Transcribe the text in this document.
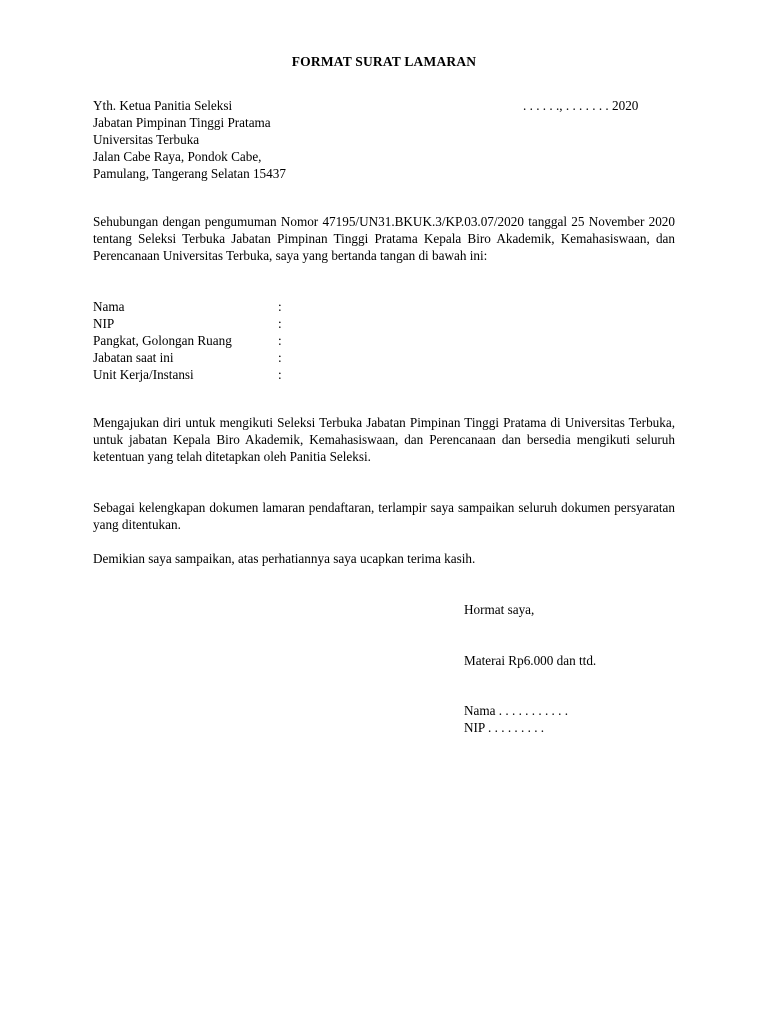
FORMAT SURAT LAMARAN
Yth. Ketua Panitia Seleksi
Jabatan Pimpinan Tinggi Pratama
Universitas Terbuka
Jalan Cabe Raya, Pondok Cabe,
Pamulang, Tangerang Selatan 15437
. . . . . ., . . . . . . . 2020
Sehubungan dengan pengumuman Nomor 47195/UN31.BKUK.3/KP.03.07/2020 tanggal 25 November 2020 tentang Seleksi Terbuka Jabatan Pimpinan Tinggi Pratama Kepala Biro Akademik, Kemahasiswaan, dan Perencanaan Universitas Terbuka, saya yang bertanda tangan di bawah ini:
Nama	:
NIP	:
Pangkat, Golongan Ruang	:
Jabatan saat ini	:
Unit Kerja/Instansi	:
Mengajukan diri untuk mengikuti Seleksi Terbuka Jabatan Pimpinan Tinggi Pratama di Universitas Terbuka, untuk jabatan Kepala Biro Akademik, Kemahasiswaan, dan Perencanaan dan bersedia mengikuti seluruh ketentuan yang telah ditetapkan oleh Panitia Seleksi.
Sebagai kelengkapan dokumen lamaran pendaftaran, terlampir saya sampaikan seluruh dokumen persyaratan yang ditentukan.
Demikian saya sampaikan, atas perhatiannya saya ucapkan terima kasih.
Hormat saya,
Materai Rp6.000 dan ttd.
Nama . . . . . . . . . . .
NIP . . . . . . . . .
